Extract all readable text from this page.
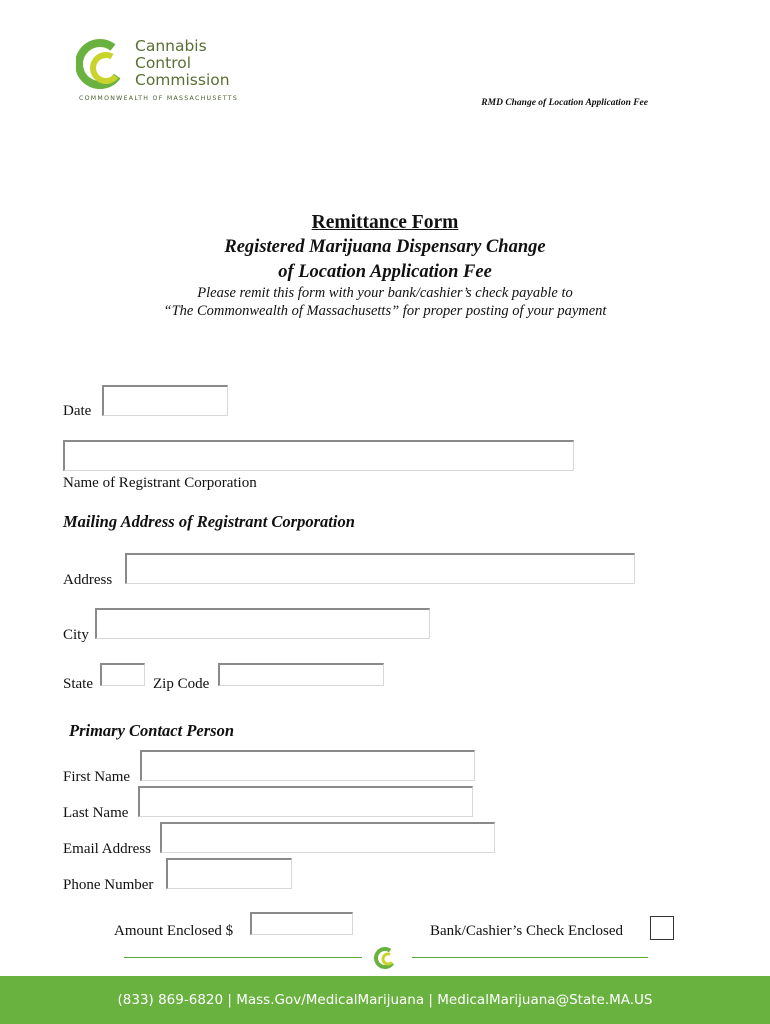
Cannabis
Control
Commission
COMMONWEALTH OF MASSACHUSETTS	RMD Change of Location Application Fee
Remittance Form
Registered Marijuana Dispensary Change
of Location Application Fee
Please remit this form with your bank/cashier’s check payable to
“The Commonwealth of Massachusetts” for proper posting of your payment
Date
Name of Registrant Corporation
Mailing Address of Registrant Corporation
Address
City
State	Zip Code
Primary Contact Person
First Name
Last Name
Email Address
Phone Number
Amount Enclosed $	Bank/Cashier’s Check Enclosed
(833) 869-6820 | Mass.Gov/MedicalMarijuana | MedicalMarijuana@State.MA.US
